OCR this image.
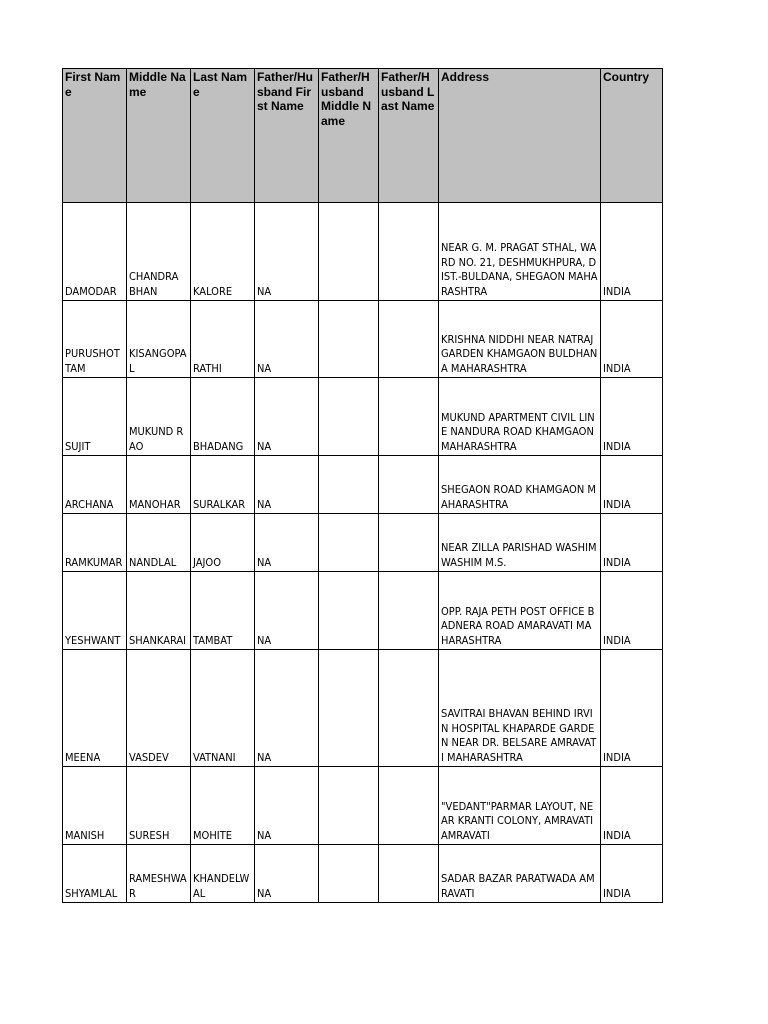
First Name	Middle Name	Last Name	Father/Husband First Name	Father/Husband Middle Name	Father/Husband Last Name	Address	Country
DAMODAR	CHANDRA BHAN	KALORE	NA			NEAR G. M. PRAGAT STHAL, WARD NO. 21, DESHMUKHPURA, DIST.-BULDANA, SHEGAON MAHARASHTRA	INDIA
PURUSHOTTAM	KISANGOPAL	RATHI	NA			KRISHNA NIDDHI NEAR NATRAJ GARDEN KHAMGAON BULDHANA MAHARASHTRA	INDIA
SUJIT	MUKUND RAO	BHADANG	NA			MUKUND APARTMENT CIVIL LINE NANDURA ROAD KHAMGAON MAHARASHTRA	INDIA
ARCHANA	MANOHAR	SURALKAR	NA			SHEGAON ROAD KHAMGAON MAHARASHTRA	INDIA
RAMKUMAR	NANDLAL	JAJOO	NA			NEAR ZILLA PARISHAD WASHIM WASHIM M.S.	INDIA
YESHWANT	SHANKARAI	TAMBAT	NA			OPP. RAJA PETH POST OFFICE BADNERA ROAD AMARAVATI MAHARASHTRA	INDIA
MEENA	VASDEV	VATNANI	NA			SAVITRAI BHAVAN BEHIND IRVIN HOSPITAL KHAPARDE GARDEN NEAR DR. BELSARE AMRAVATI MAHARASHTRA	INDIA
MANISH	SURESH	MOHITE	NA			"VEDANT"PARMAR LAYOUT, NEAR KRANTI COLONY, AMRAVATI AMRAVATI	INDIA
SHYAMLAL	RAMESHWAR	KHANDELWAL	NA			SADAR BAZAR PARATWADA AMRAVATI	INDIA
